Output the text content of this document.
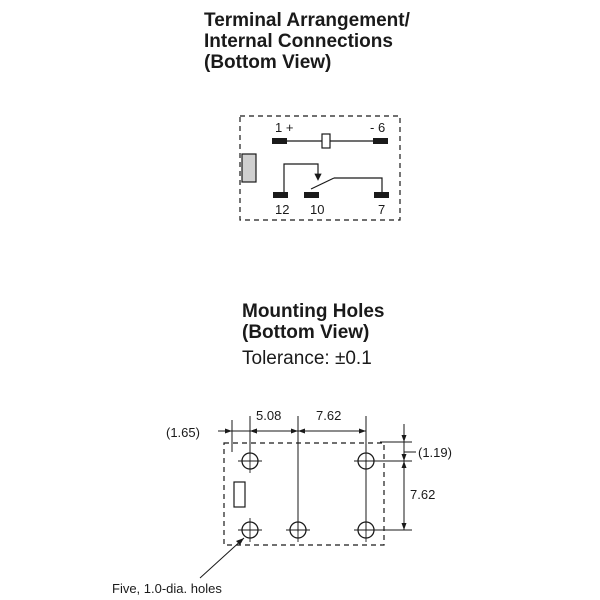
Terminal Arrangement/
Internal Connections
(Bottom View)
Mounting Holes
(Bottom View)
Tolerance: ±0.1
1 +	- 6
12 10	7
(1.65)
5.08	7.62
(1.19)
7.62
Five, 1.0-dia. holes
